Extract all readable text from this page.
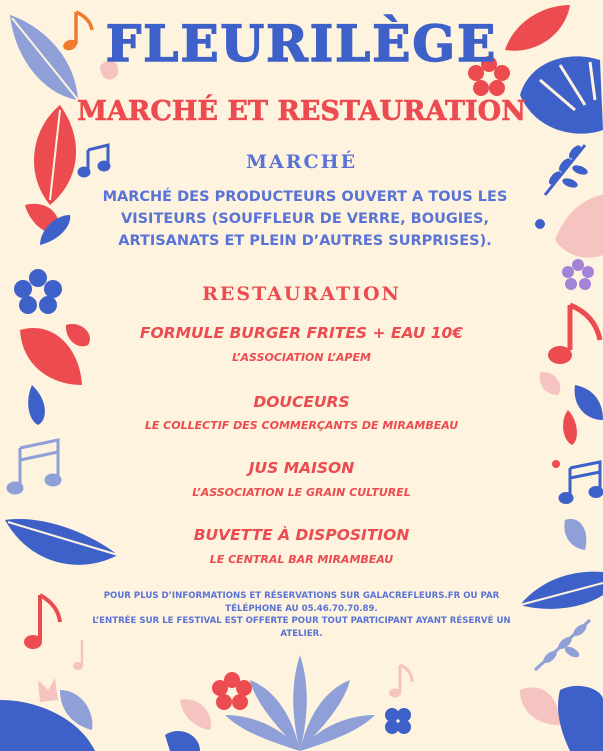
FLEURILÈGE
MARCHÉ ET RESTAURATION
MARCHÉ

MARCHÉ DES PRODUCTEURS OUVERT A TOUS LES VISITEURS (SOUFFLEUR DE VERRE, BOUGIES, ARTISANATS ET PLEIN D’AUTRES SURPRISES).

RESTAURATION

FORMULE BURGER FRITES + EAU 10€

L’ASSOCIATION L’APEM

DOUCEURS

LE COLLECTIF DES COMMERÇANTS DE MIRAMBEAU

JUS MAISON

L’ASSOCIATION LE GRAIN CULTUREL

BUVETTE À DISPOSITION

LE CENTRAL BAR MIRAMBEAU

POUR PLUS D’INFORMATIONS ET RÉSERVATIONS SUR GALACREFLEURS.FR OU PAR TÉLÉPHONE AU 05.46.70.70.89.
L’ENTRÉE SUR LE FESTIVAL EST OFFERTE POUR TOUT PARTICIPANT AYANT RÉSERVÉ UN ATELIER.
